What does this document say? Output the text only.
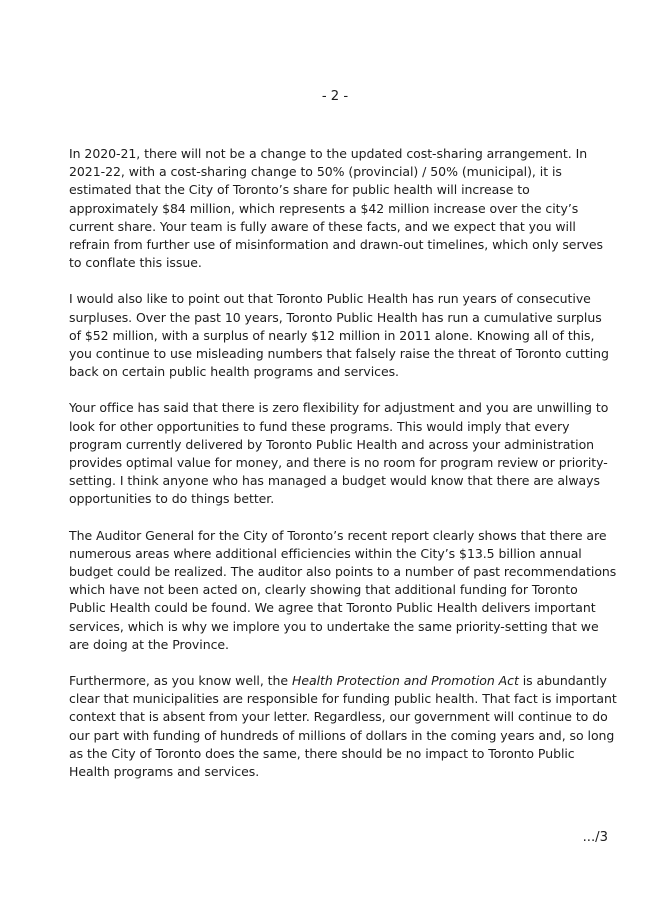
- 2 -

In 2020-21, there will not be a change to the updated cost-sharing arrangement. In 2021-22, with a cost-sharing change to 50% (provincial) / 50% (municipal), it is estimated that the City of Toronto’s share for public health will increase to approximately $84 million, which represents a $42 million increase over the city’s current share. Your team is fully aware of these facts, and we expect that you will refrain from further use of misinformation and drawn-out timelines, which only serves to conflate this issue.

I would also like to point out that Toronto Public Health has run years of consecutive surpluses. Over the past 10 years, Toronto Public Health has run a cumulative surplus of $52 million, with a surplus of nearly $12 million in 2011 alone. Knowing all of this, you continue to use misleading numbers that falsely raise the threat of Toronto cutting back on certain public health programs and services.

Your office has said that there is zero flexibility for adjustment and you are unwilling to look for other opportunities to fund these programs. This would imply that every program currently delivered by Toronto Public Health and across your administration provides optimal value for money, and there is no room for program review or priority-setting. I think anyone who has managed a budget would know that there are always opportunities to do things better.

The Auditor General for the City of Toronto’s recent report clearly shows that there are numerous areas where additional efficiencies within the City’s $13.5 billion annual budget could be realized. The auditor also points to a number of past recommendations which have not been acted on, clearly showing that additional funding for Toronto Public Health could be found. We agree that Toronto Public Health delivers important services, which is why we implore you to undertake the same priority-setting that we are doing at the Province.

Furthermore, as you know well, the Health Protection and Promotion Act is abundantly clear that municipalities are responsible for funding public health. That fact is important context that is absent from your letter. Regardless, our government will continue to do our part with funding of hundreds of millions of dollars in the coming years and, so long as the City of Toronto does the same, there should be no impact to Toronto Public Health programs and services.

.../3
